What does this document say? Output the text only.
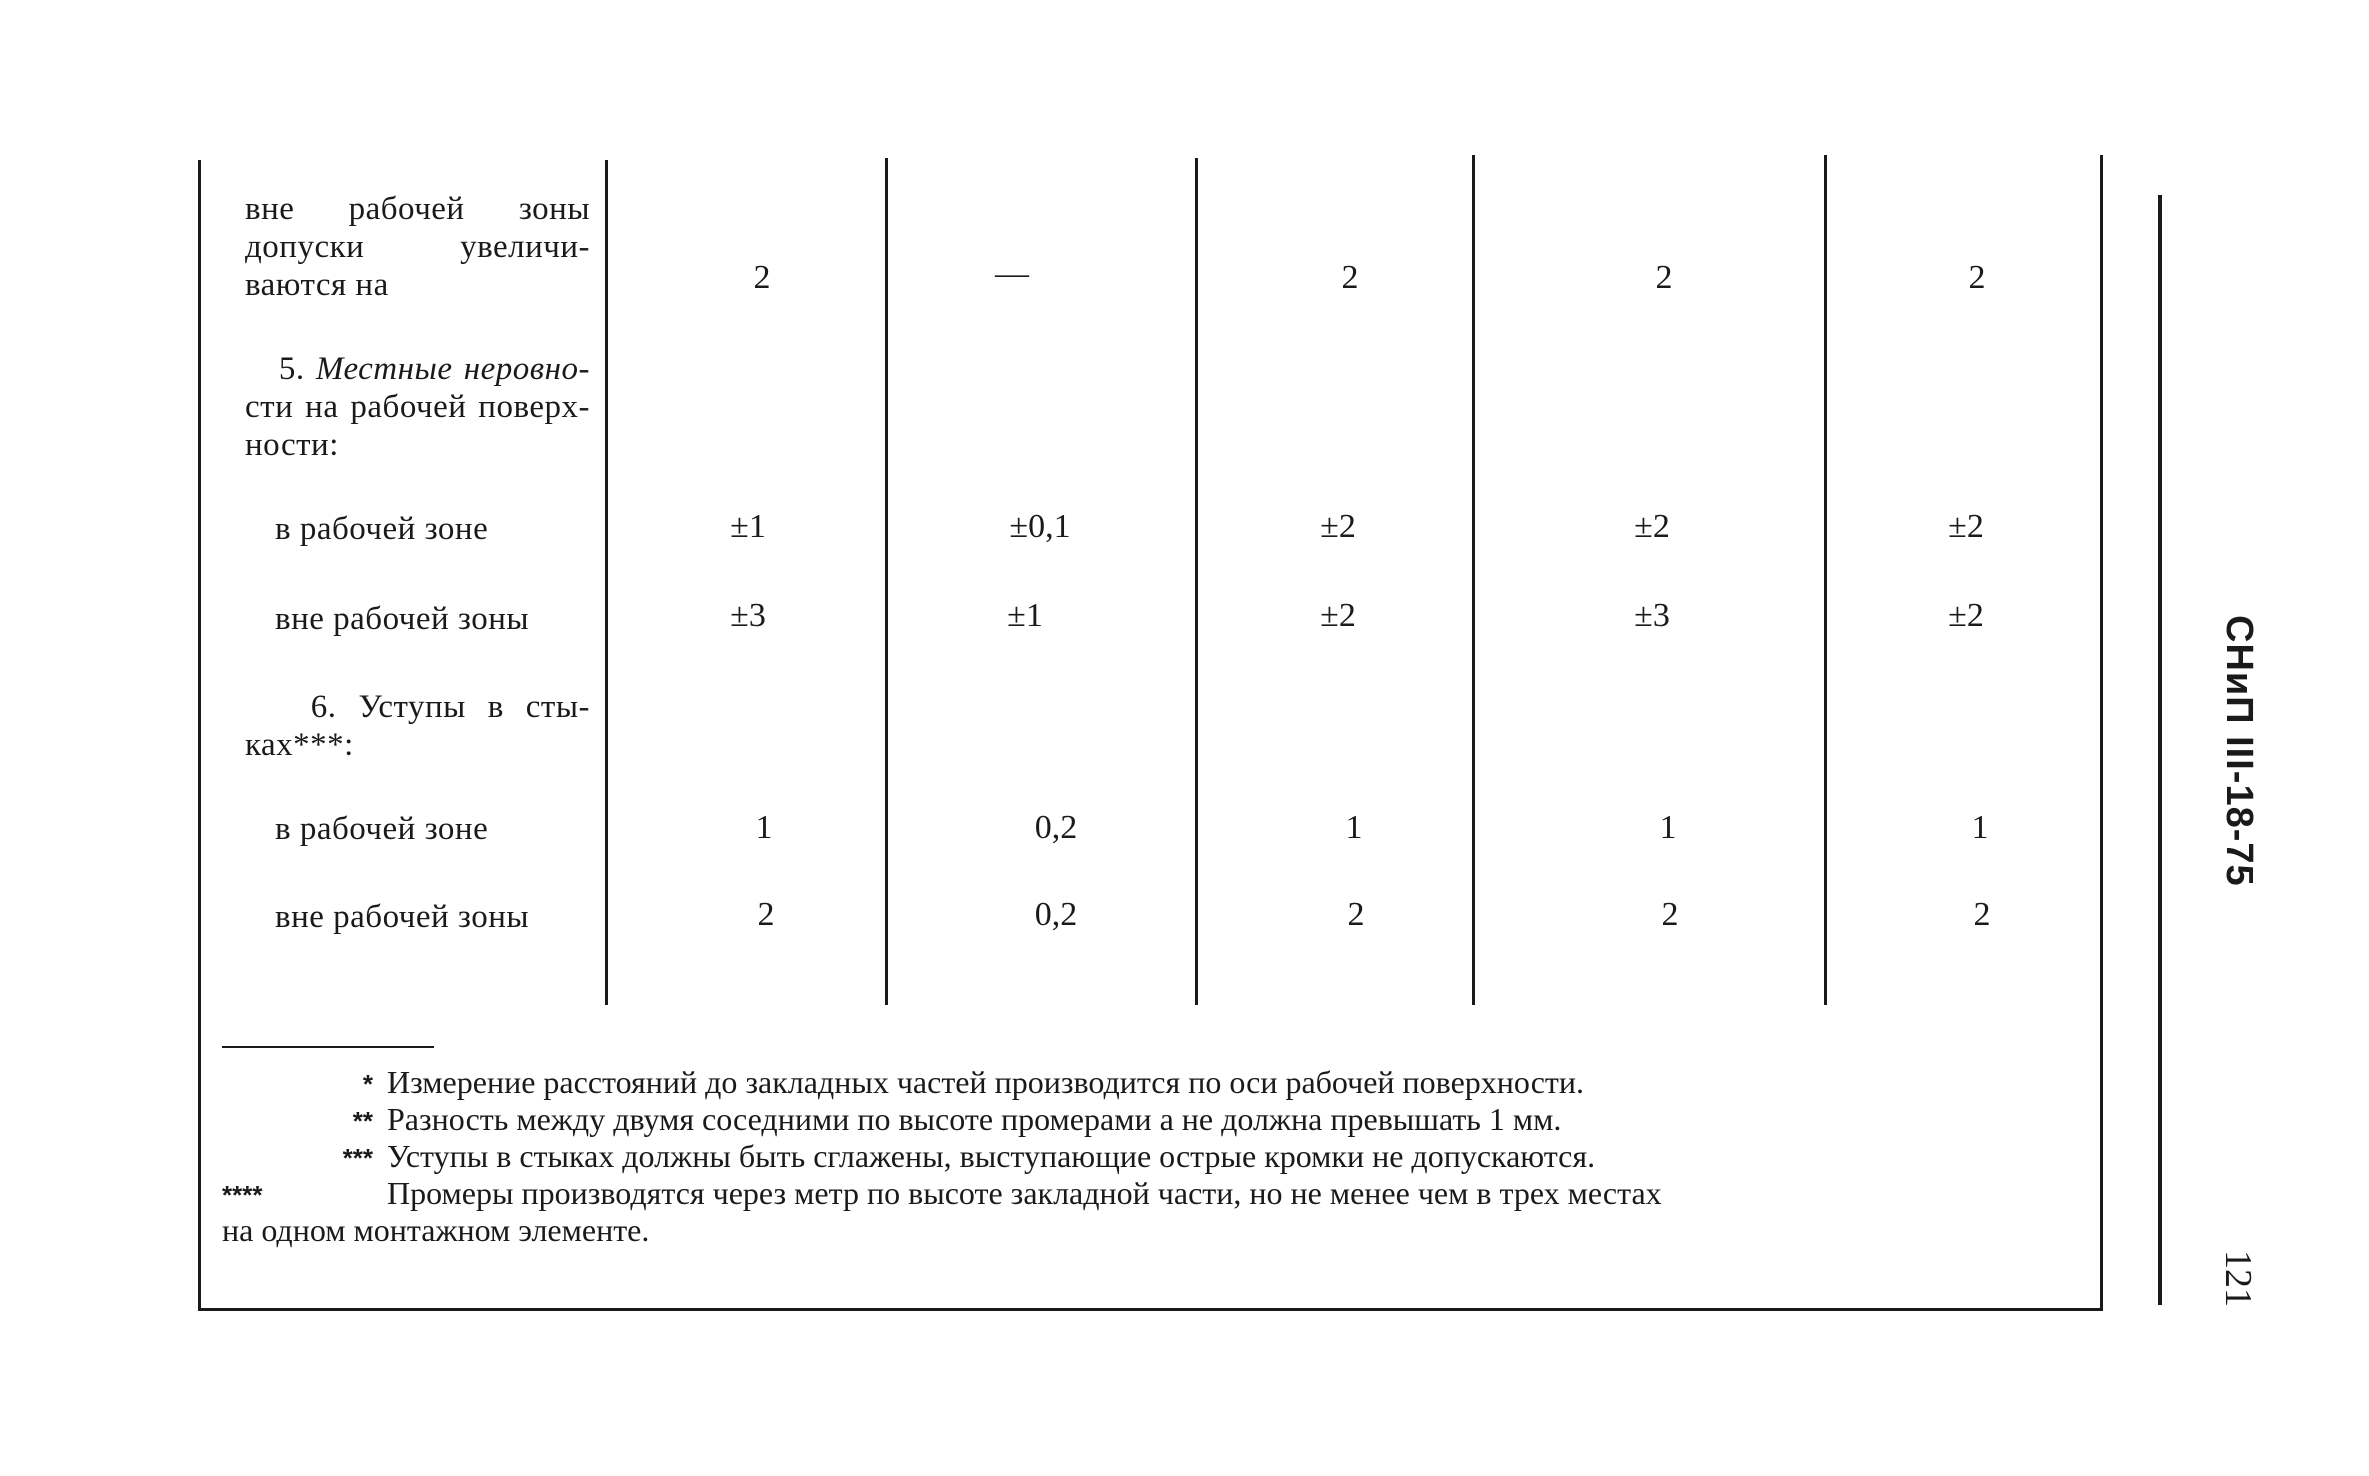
вне рабочей зоны
допуски увеличи-

ваются на	2	—	2	2	2
5. Местные неровно-
сти на рабочей поверх-

ности:
в рабочей зоне	±1	±0,1	±2	±2	±2
вне рабочей зоны	±3	±1	±2	±3	±2
6. Уступы в сты-

ках***:
в рабочей зоне	1	0,2	1	1	1
вне рабочей зоны	2	0,2	2	2	2
* Измерение расстояний до закладных частей производится по оси рабочей поверхности.
** Разность между двумя соседними по высоте промерами a не должна превышать 1 мм.
*** Уступы в стыках должны быть сглажены, выступающие острые кромки не допускаются.
****	Промеры производятся через метр по высоте закладной части, но не менее чем в трех местах
на одном монтажном элементе.
СНиП III-18-75
121
